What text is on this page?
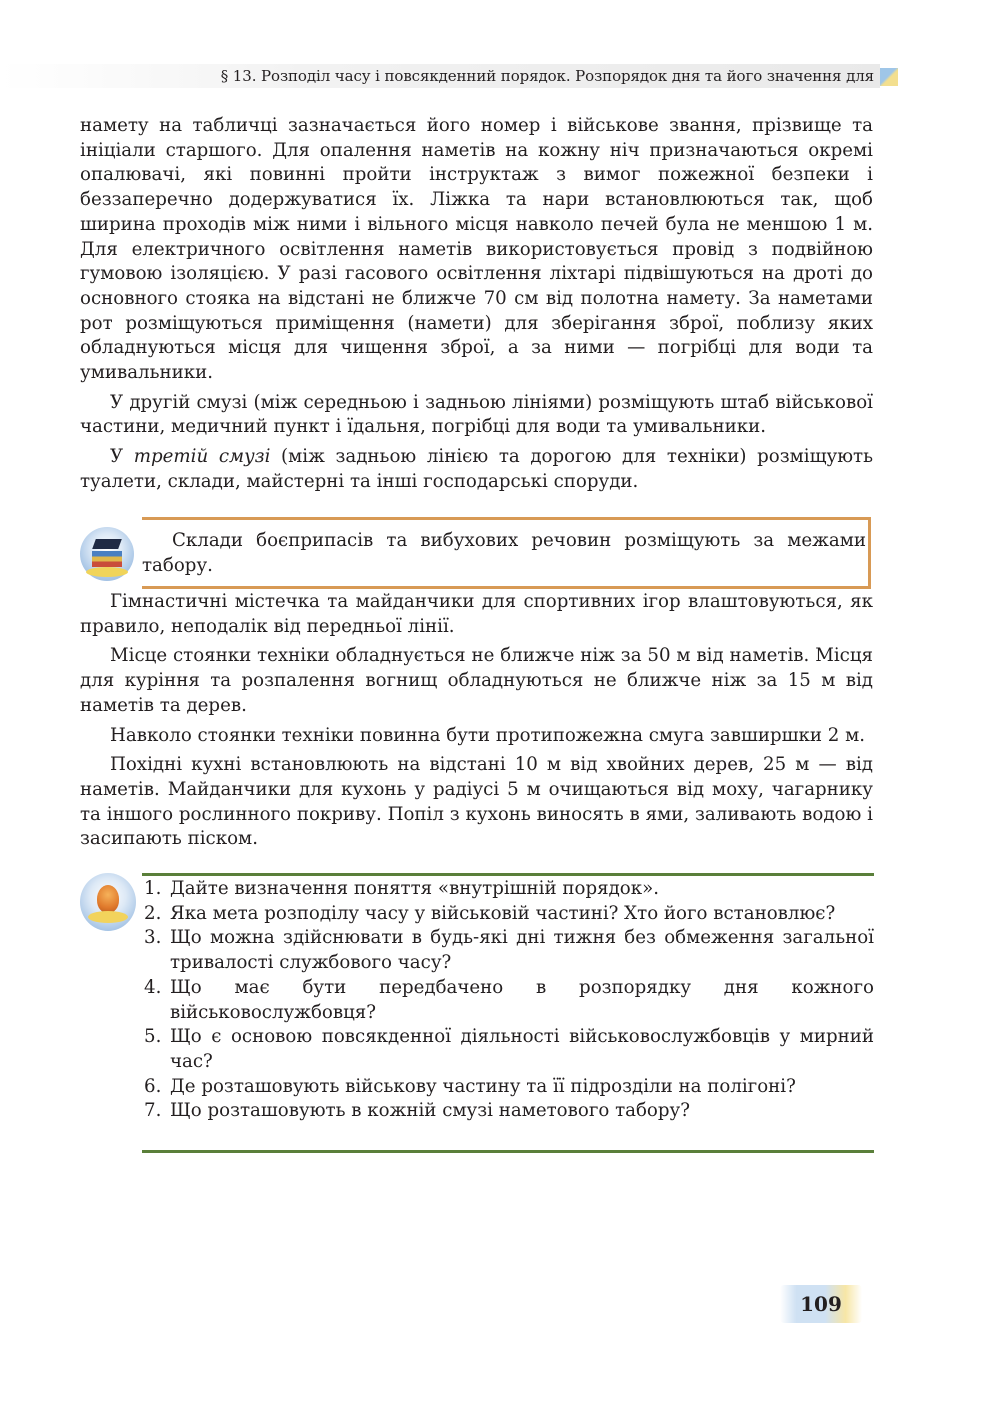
§ 13. Розподіл часу і повсякденний порядок. Розпорядок дня та його значення для

намету на табличці зазначається його номер і військове звання, прізвище та ініціали старшого. Для опалення наметів на кожну ніч призначаються окремі опалювачі, які повинні пройти інструктаж з вимог пожежної безпеки і беззаперечно додержуватися їх. Ліжка та нари встановлюються так, щоб ширина проходів між ними і вільного місця навколо печей була не меншою 1 м. Для електричного освітлення наметів використовується провід з подвійною гумовою ізоляцією. У разі гасового освітлення ліхтарі підвішуються на дроті до основного стояка на відстані не ближче 70 см від полотна намету. За наметами рот розміщуються приміщення (намети) для зберігання зброї, поблизу яких обладнуються місця для чищення зброї, а за ними — погрібці для води та умивальники.

У другій смузі (між середньою і задньою лініями) розміщують штаб військової частини, медичний пункт і їдальня, погрібці для води та умивальники.

У третій смузі (між задньою лінією та дорогою для техніки) розміщують туалети, склади, майстерні та інші господарські споруди.

Склади боєприпасів та вибухових речовин розміщують за межами табору.

Гімнастичні містечка та майданчики для спортивних ігор влаштовуються, як правило, неподалік від передньої лінії.

Місце стоянки техніки обладнується не ближче ніж за 50 м від наметів. Місця для куріння та розпалення вогнищ обладнуються не ближче ніж за 15 м від наметів та дерев.

Навколо стоянки техніки повинна бути протипожежна смуга завширшки 2 м.

Похідні кухні встановлюють на відстані 10 м від хвойних дерев, 25 м — від наметів. Майданчики для кухонь у радіусі 5 м очищаються від моху, чагарнику та іншого рослинного покриву. Попіл з кухонь виносять в ями, заливають водою і засипають піском.

1. Дайте визначення поняття «внутрішній порядок».
2. Яка мета розподілу часу у військовій частині? Хто його встановлює?
3. Що можна здійснювати в будь-які дні тижня без обмеження загальної тривалості службового часу?
4. Що має бути передбачено в розпорядку дня кожного військовослужбовця?
5. Що є основою повсякденної діяльності військовослужбовців у мирний час?
6. Де розташовують військову частину та її підрозділи на полігоні?
7. Що розташовують в кожній смузі наметового табору?
109
